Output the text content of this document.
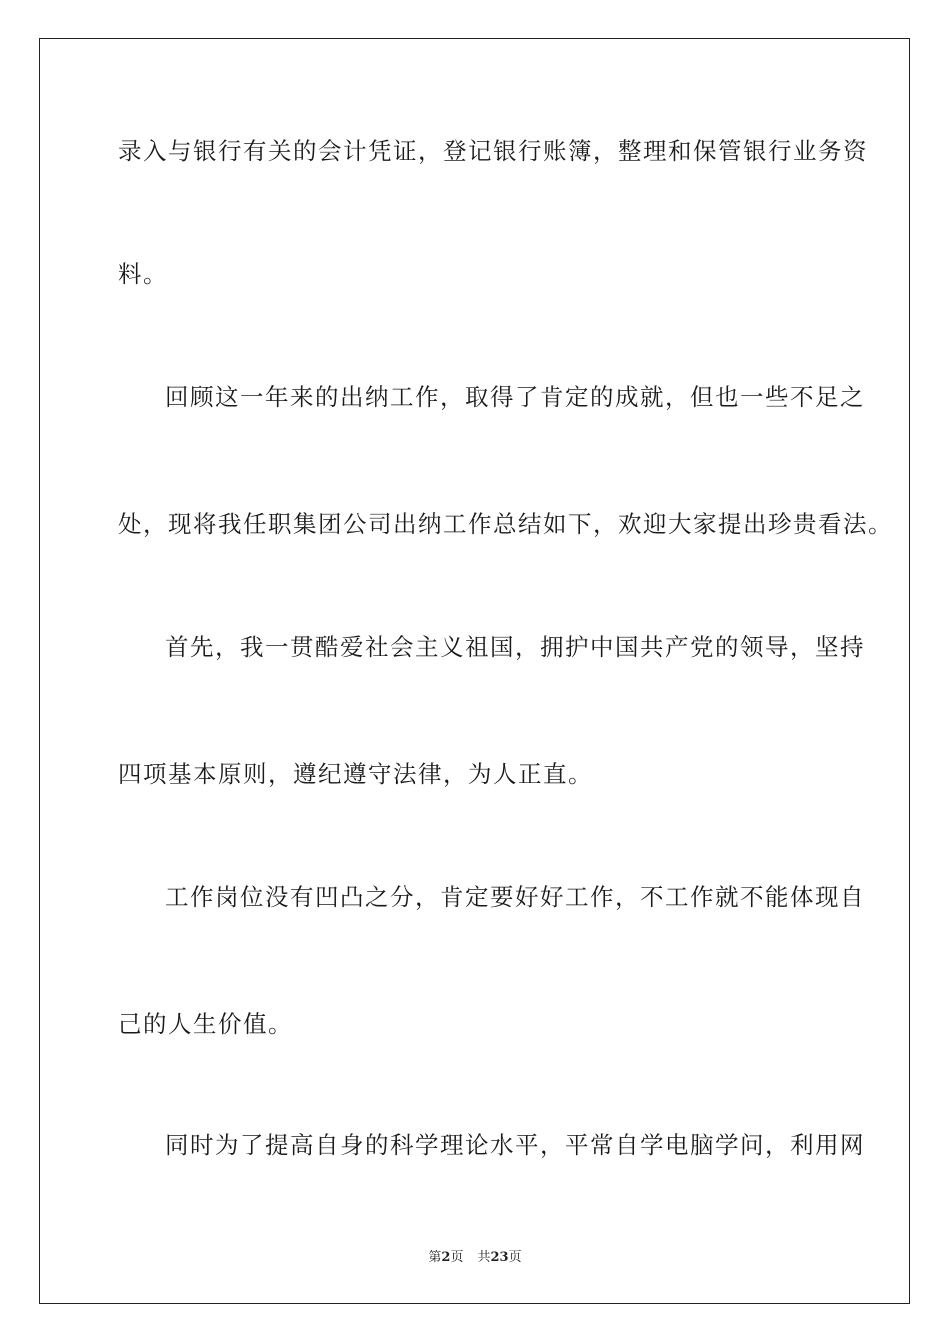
录入与银行有关的会计凭证，登记银行账簿，整理和保管银行业务资
料。
回顾这一年来的出纳工作，取得了肯定的成就，但也一些不足之
处，现将我任职集团公司出纳工作总结如下，欢迎大家提出珍贵看法。
首先，我一贯酷爱社会主义祖国，拥护中国共产党的领导，坚持
四项基本原则，遵纪遵守法律，为人正直。
工作岗位没有凹凸之分，肯定要好好工作，不工作就不能体现自
己的人生价值。
同时为了提高自身的科学理论水平，平常自学电脑学问，利用网
第2页 共23页
